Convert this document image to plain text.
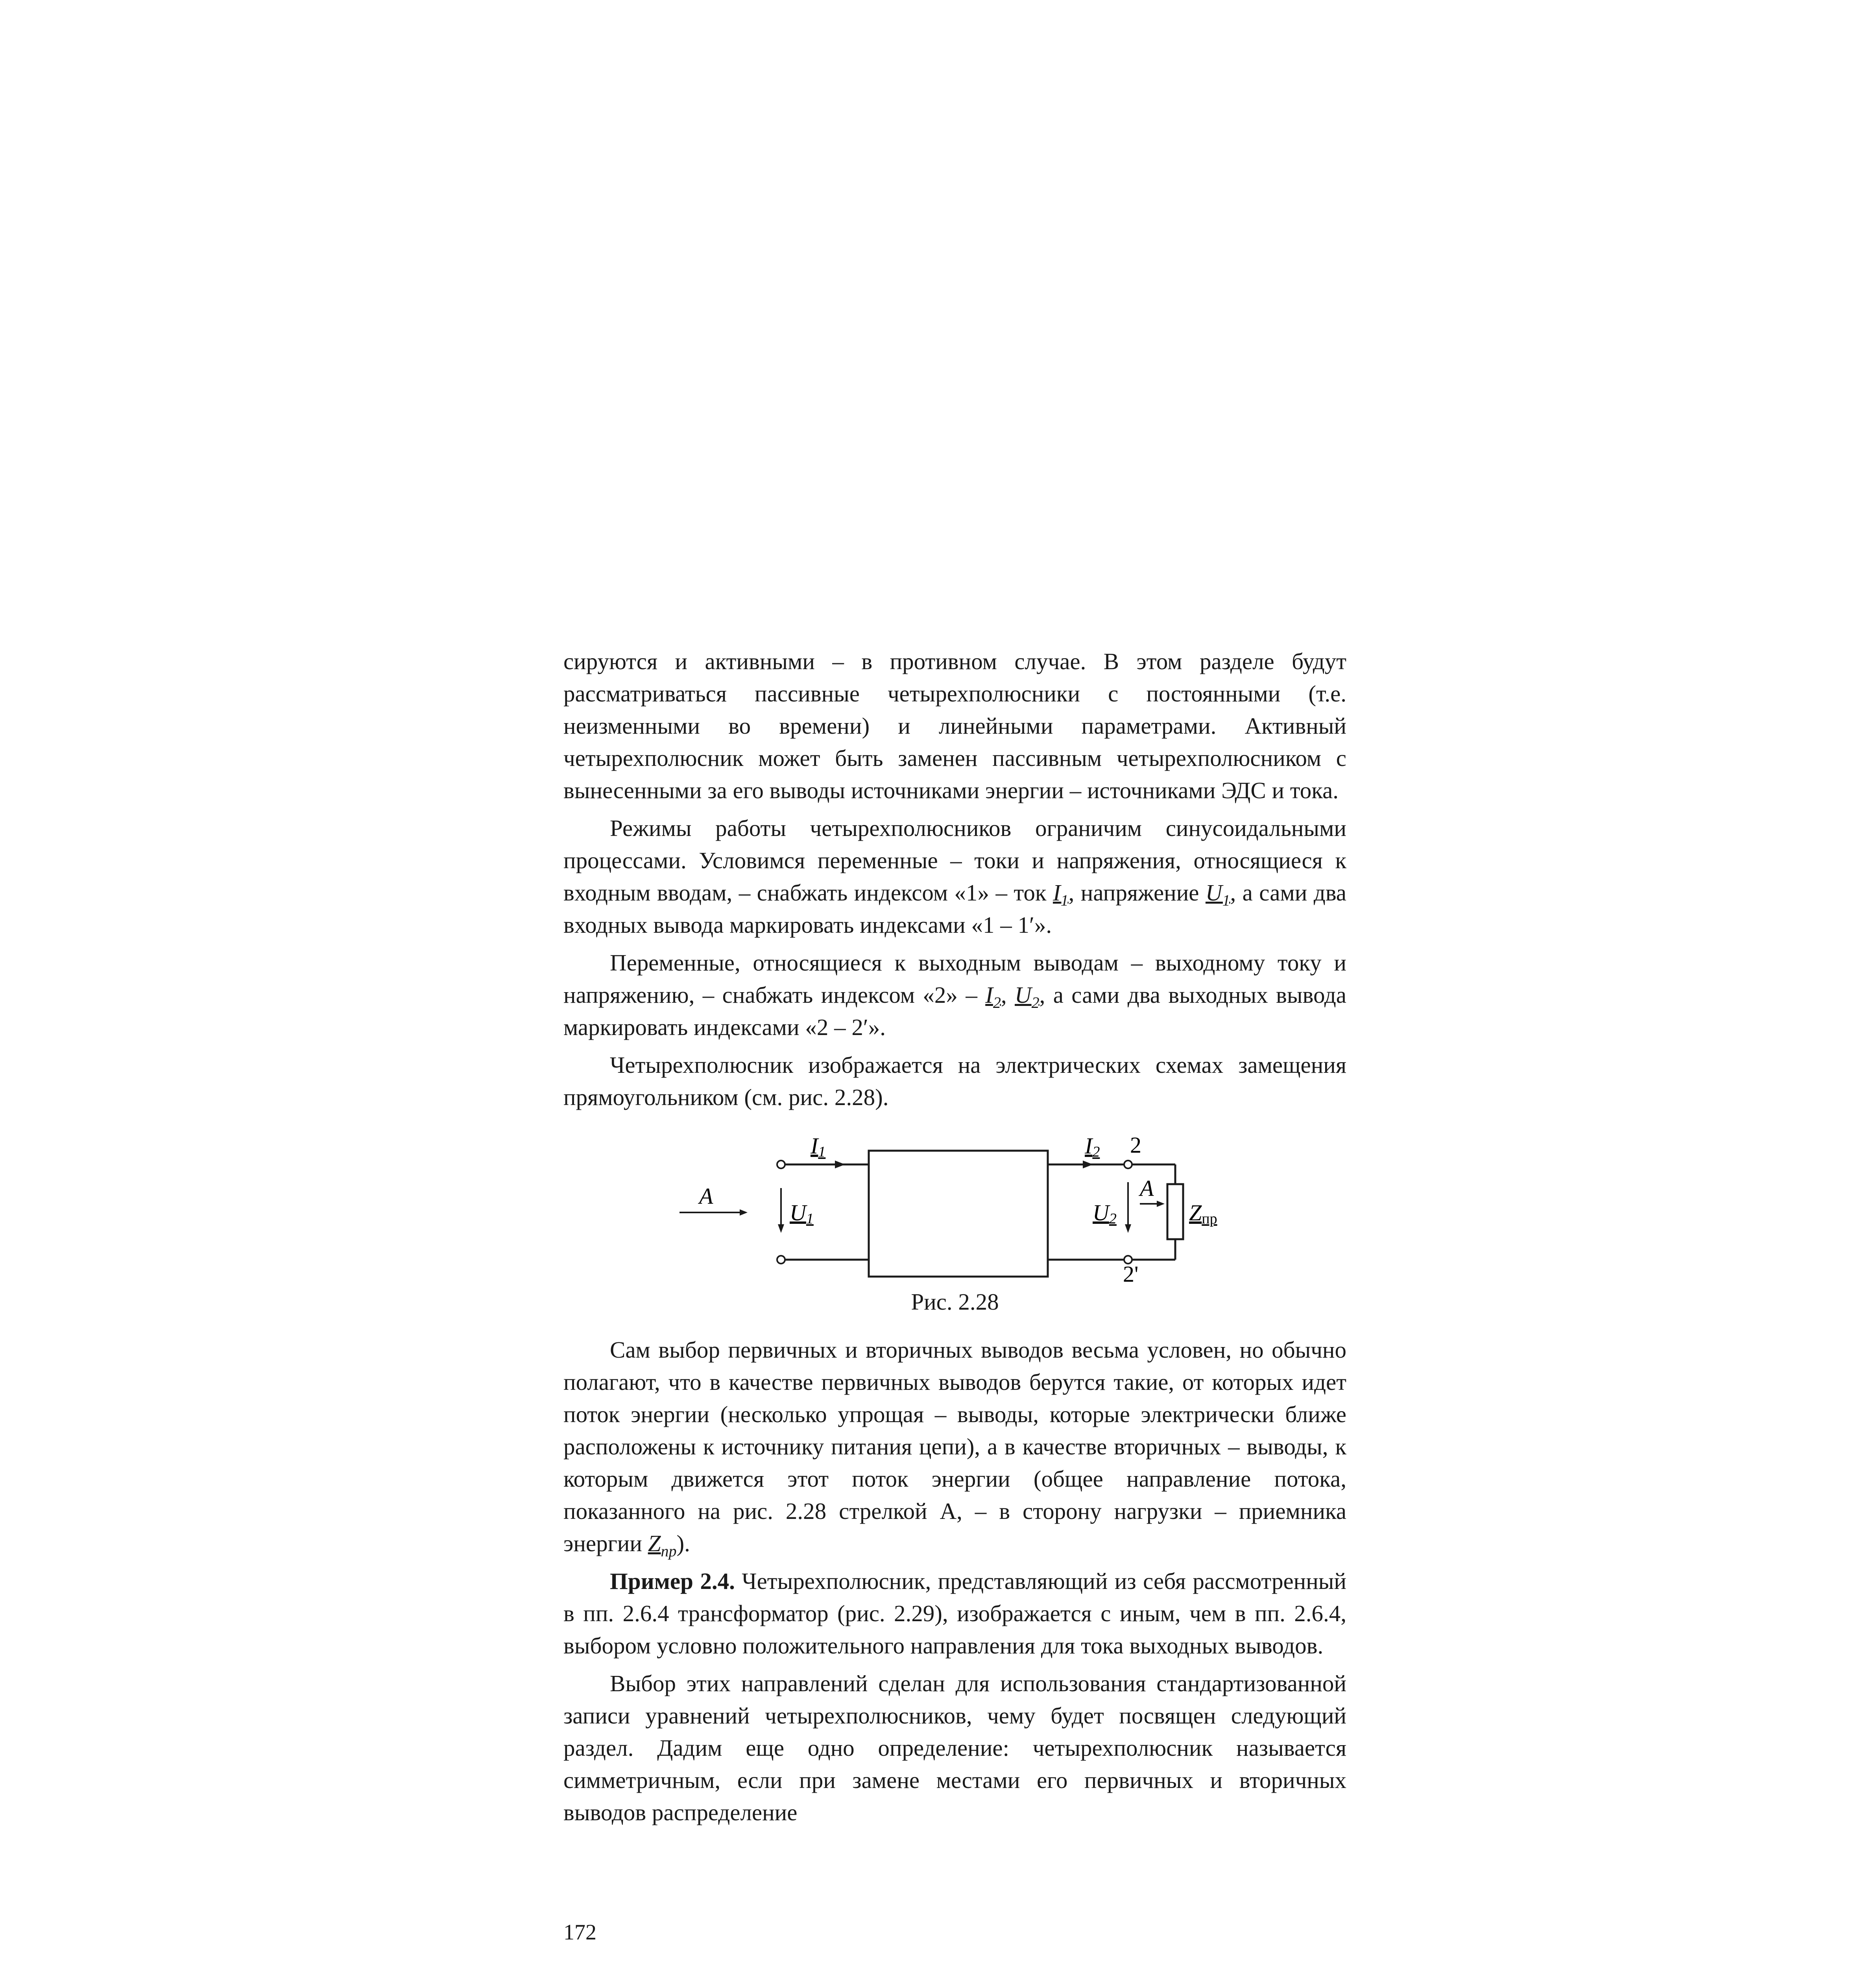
сируются и активными – в противном случае. В этом разделе будут рассматриваться пассивные четырехполюсники с постоянными (т.е. неизменными во времени) и линейными параметрами. Активный четырехполюсник может быть заменен пассивным четырехполюсником с вынесенными за его выводы источниками энергии – источниками ЭДС и тока.

Режимы работы четырехполюсников ограничим синусоидальными процессами. Условимся переменные – токи и напряжения, относящиеся к входным вводам, – снабжать индексом «1» – ток $I_1$, напряжение $U_1$, а сами два входных вывода маркировать индексами «1 – 1′».

Переменные, относящиеся к выходным выводам – выходному току и напряжению, – снабжать индексом «2» – $I_2$, $U_2$, а сами два выходных вывода маркировать индексами «2 – 2′».

Четырехполюсник изображается на электрических схемах замещения прямоугольником (см. рис. 2.28).

A
I1
U1
I2 2
2'
U2
A
Zпр
Рис. 2.28

Сам выбор первичных и вторичных выводов весьма условен, но обычно полагают, что в качестве первичных выводов берутся такие, от которых идет поток энергии (несколько упрощая – выводы, которые электрически ближе расположены к источнику питания цепи), а в качестве вторичных – выводы, к которым движется этот поток энергии (общее направление потока, показанного на рис. 2.28 стрелкой А, – в сторону нагрузки – приемника энергии $Z_{пр}$).

Пример 2.4. Четырехполюсник, представляющий из себя рассмотренный в пп. 2.6.4 трансформатор (рис. 2.29), изображается с иным, чем в пп. 2.6.4, выбором условно положительного направления для тока выходных выводов.

Выбор этих направлений сделан для использования стандартизованной записи уравнений четырехполюсников, чему будет посвящен следующий раздел. Дадим еще одно определение: четырехполюсник называется симметричным, если при замене местами его первичных и вторичных выводов распределение

172
